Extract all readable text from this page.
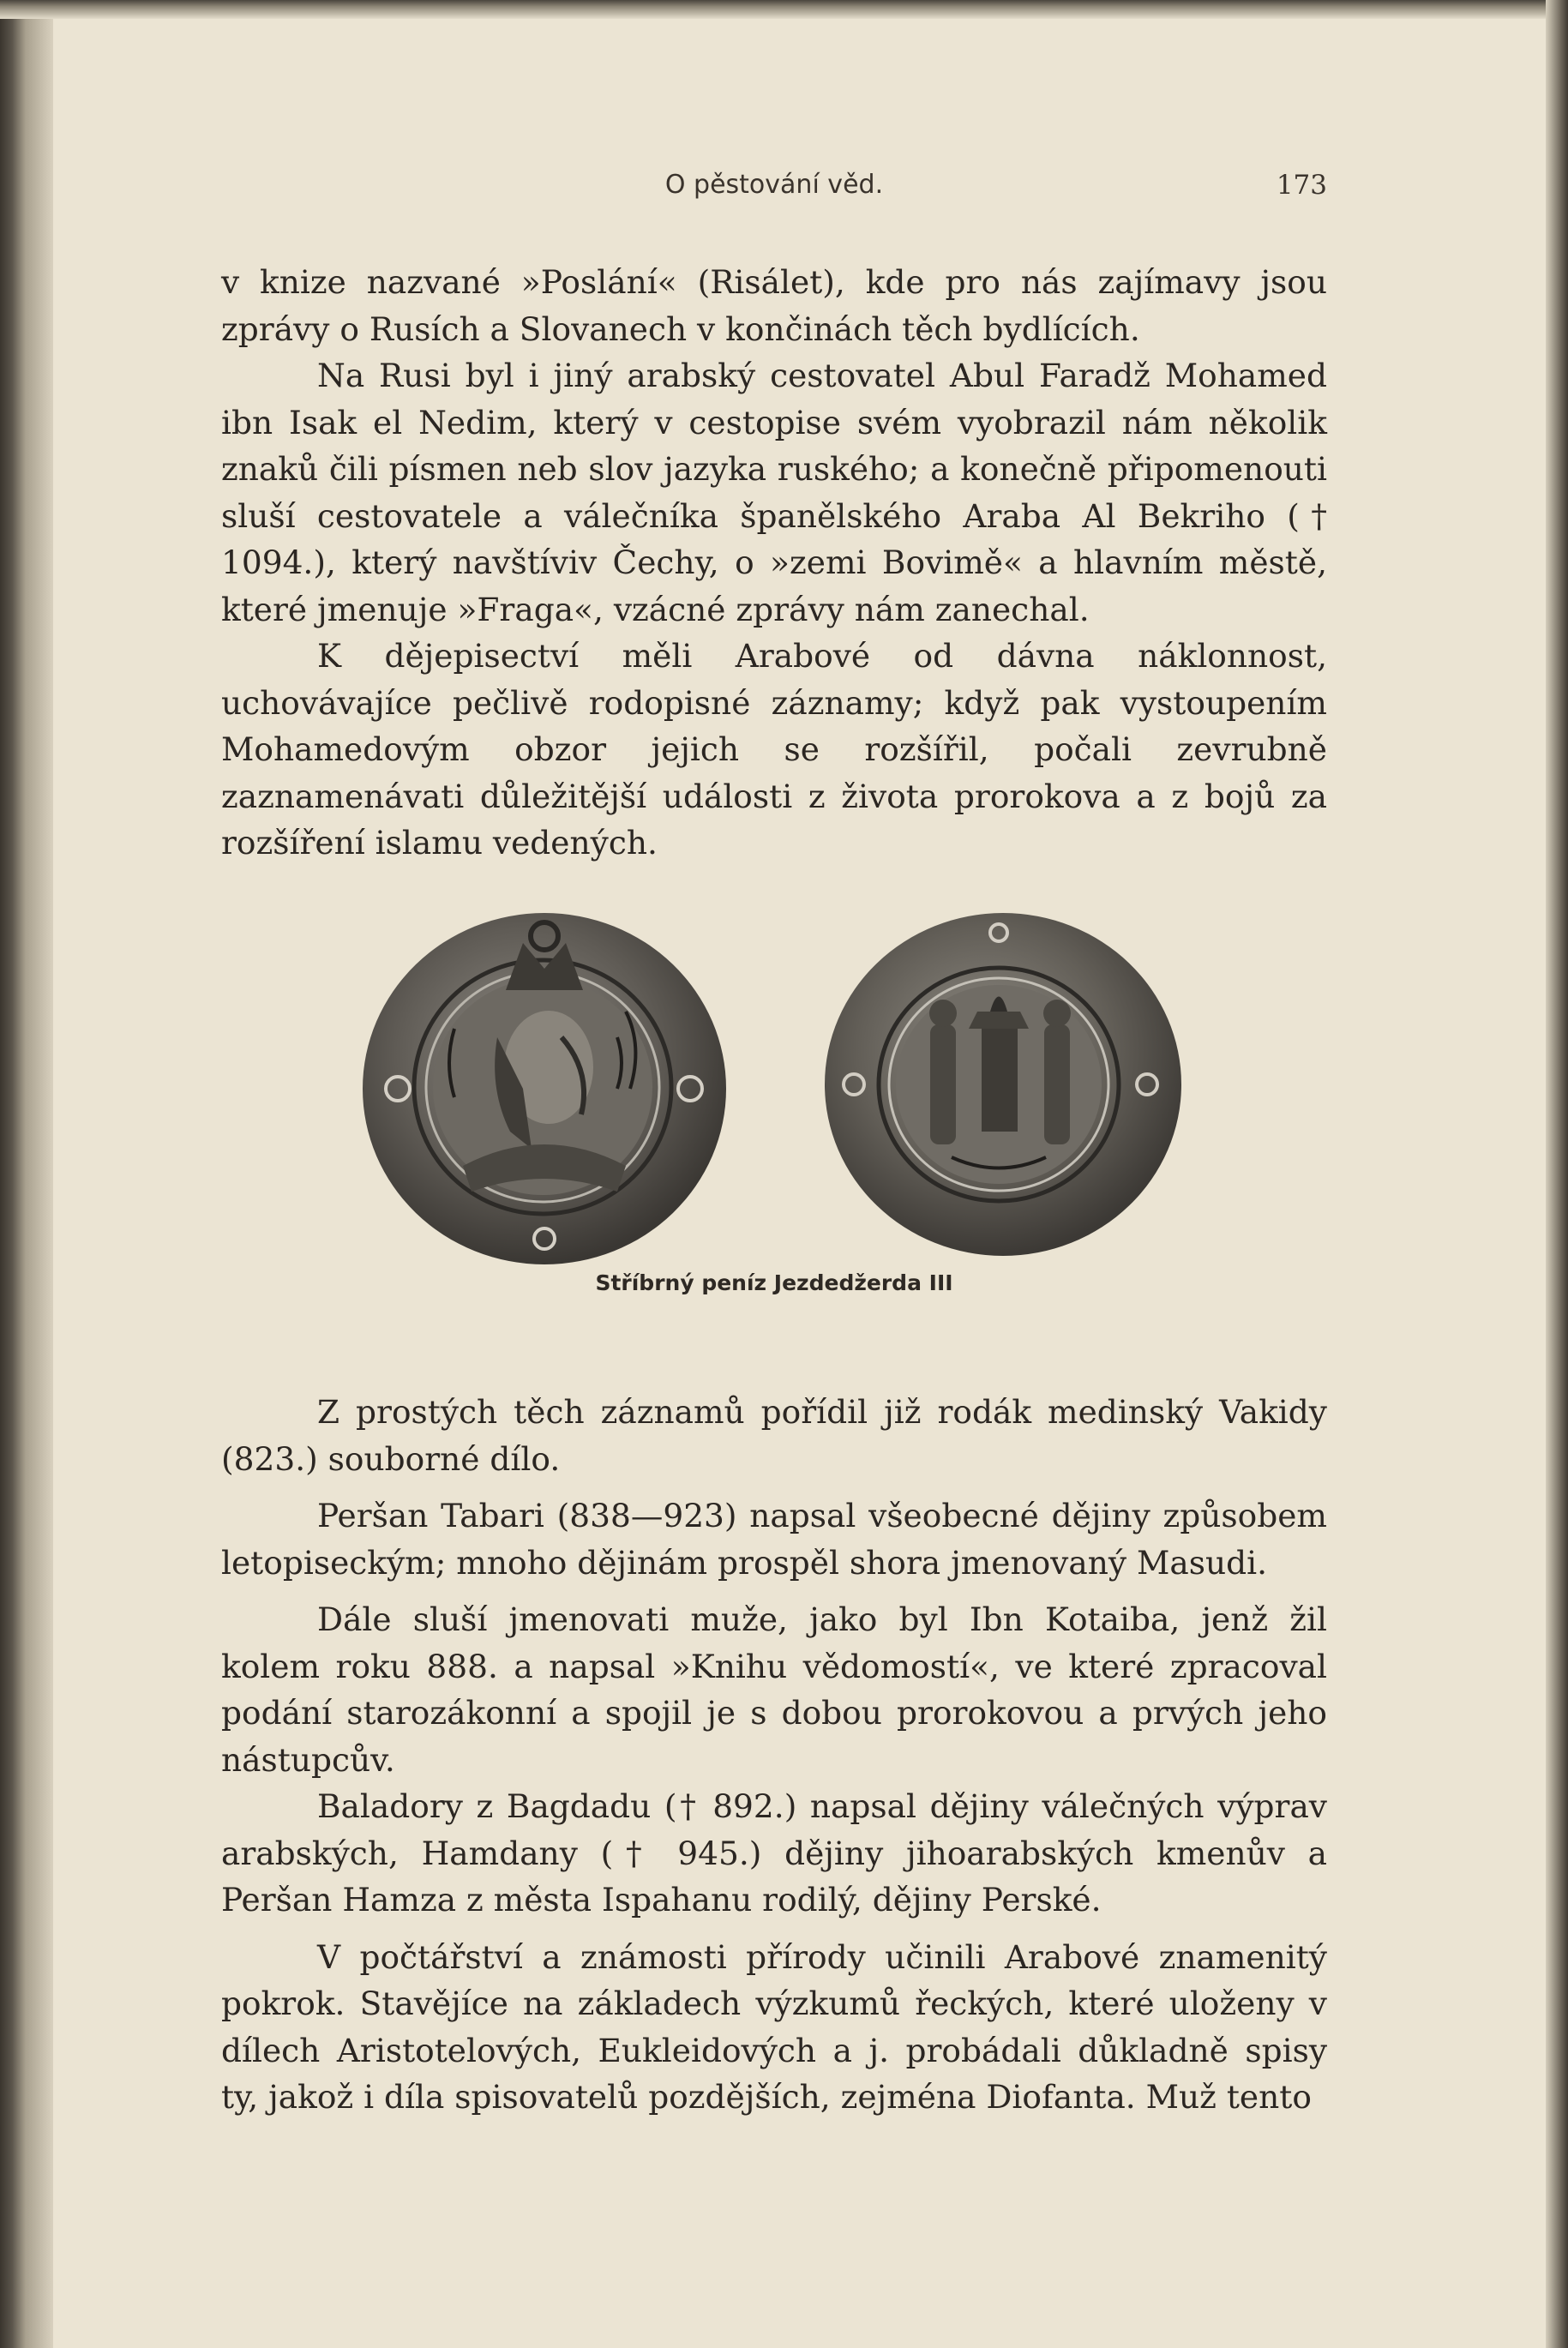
O pěstování věd.	173

v knize nazvané »Poslání« (Risálet), kde pro nás zajímavy jsou zprávy o Rusích a Slovanech v končinách těch bydlících.

Na Rusi byl i jiný arabský cestovatel Abul Faradž Mohamed ibn Isak el Nedim, který v cestopise svém vyobrazil nám několik znaků čili písmen neb slov jazyka ruského; a konečně připomenouti sluší cestovatele a válečníka španělského Araba Al Bekriho († 1094.), který navštíviv Čechy, o »zemi Bovimě« a hlavním městě, které jmenuje »Fraga«, vzácné zprávy nám zanechal.

K dějepisectví měli Arabové od dávna náklonnost, uchovávajíce pečlivě rodopisné záznamy; když pak vystoupením Mohamedovým obzor jejich se rozšířil, počali zevrubně zaznamenávati důležitější události z života prorokova a z bojů za rozšíření islamu vedených.

Stříbrný peníz Jezdedžerda III

Z prostých těch záznamů pořídil již rodák medinský Vakidy (823.) souborné dílo.

Peršan Tabari (838—923) napsal všeobecné dějiny způsobem letopiseckým; mnoho dějinám prospěl shora jmenovaný Masudi.

Dále sluší jmenovati muže, jako byl Ibn Kotaiba, jenž žil kolem roku 888. a napsal »Knihu vědomostí«, ve které zpracoval podání starozákonní a spojil je s dobou prorokovou a prvých jeho nástupcův.

Baladory z Bagdadu († 892.) napsal dějiny válečných výprav arabských, Hamdany († 945.) dějiny jihoarabských kmenův a Peršan Hamza z města Ispahanu rodilý, dějiny Perské.

V počtářství a známosti přírody učinili Arabové znamenitý pokrok. Stavějíce na základech výzkumů řeckých, které uloženy v dílech Aristotelových, Eukleidových a j. probádali důkladně spisy ty, jakož i díla spisovatelů pozdějších, zejména Diofanta. Muž tento
